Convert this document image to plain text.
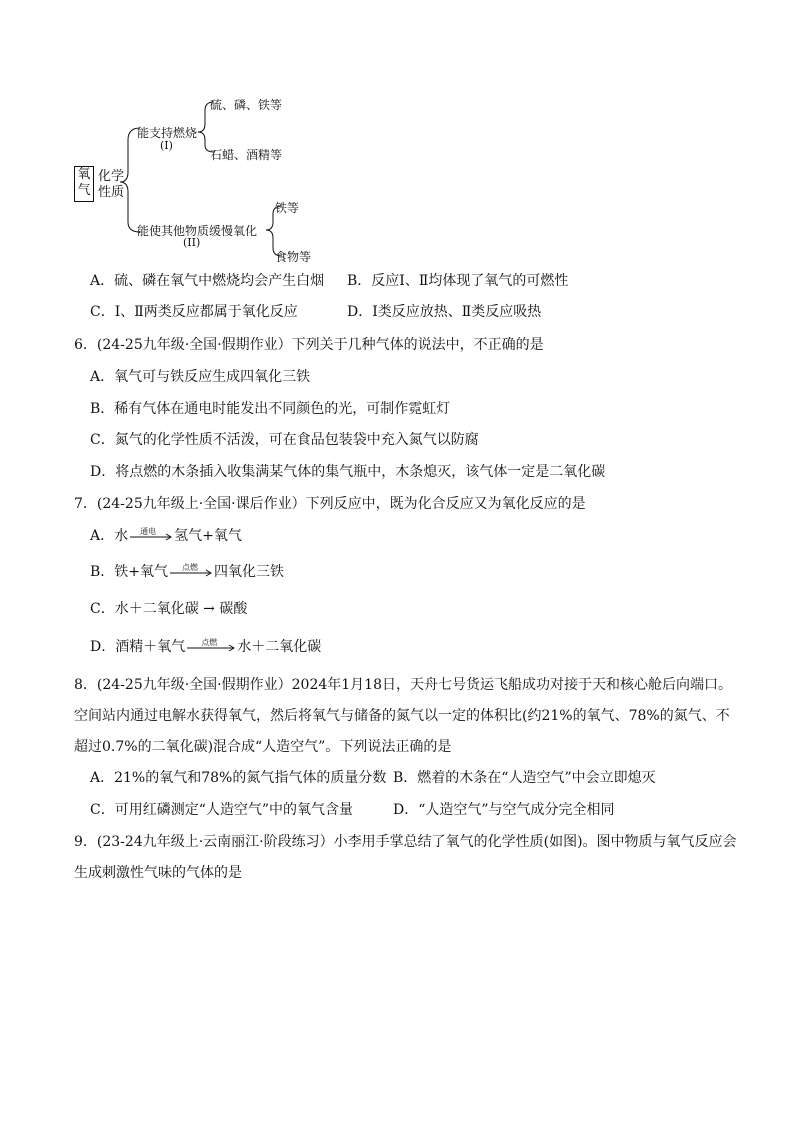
氧气
化学
性质
能支持燃烧
(I)
硫、磷、铁等
石蜡、酒精等
能使其他物质缓慢氧化
(II)
铁等
食物等
A．硫、磷在氧气中燃烧均会产生白烟 B．反应Ⅰ、Ⅱ均体现了氧气的可燃性
C．Ⅰ、Ⅱ两类反应都属于氧化反应	D．Ⅰ类反应放热、Ⅱ类反应吸热
6．(24-25九年级·全国·假期作业）下列关于几种气体的说法中，不正确的是
A．氧气可与铁反应生成四氧化三铁
B．稀有气体在通电时能发出不同颜色的光，可制作霓虹灯
C．氮气的化学性质不活泼，可在食品包装袋中充入氮气以防腐
D．将点燃的木条插入收集满某气体的集气瓶中，木条熄灭，该气体一定是二氧化碳
7．(24-25九年级上·全国·课后作业）下列反应中，既为化合反应又为氧化反应的是
A．水 通电 氢气+氧气
B．铁+氧气 点燃 四氧化三铁
C．水＋二氧化碳 → 碳酸
D．酒精＋氧气 点燃 水＋二氧化碳
8．(24-25九年级·全国·假期作业）2024年1月18日，天舟七号货运飞船成功对接于天和核心舱后向端口。
空间站内通过电解水获得氧气，然后将氧气与储备的氮气以一定的体积比(约21%的氧气、78%的氮气、不
超过0.7%的二氧化碳)混合成“人造空气”。下列说法正确的是
A．21%的氧气和78%的氮气指气体的质量分数 B．燃着的木条在“人造空气”中会立即熄灭
C．可用红磷测定“人造空气”中的氧气含量	D．“人造空气”与空气成分完全相同
9．(23-24九年级上·云南丽江·阶段练习）小李用手掌总结了氧气的化学性质(如图)。图中物质与氧气反应会
生成刺激性气味的气体的是
